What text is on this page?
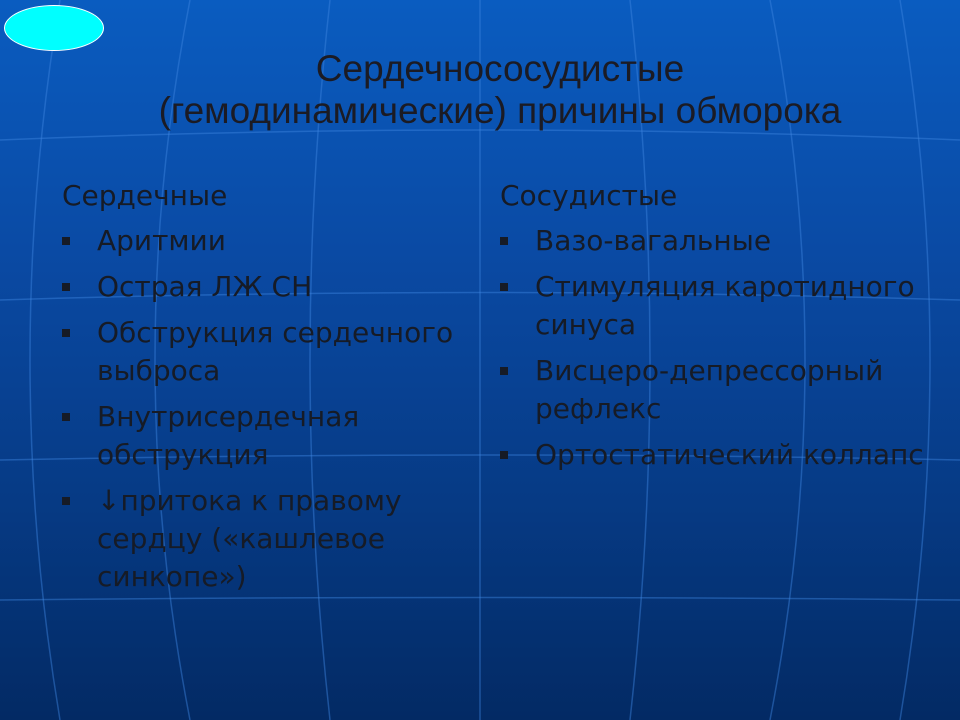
Сердечнососудистые
(гемодинамические) причины обморока
Сердечные
Аритмии
Острая ЛЖ СН
Обструкция сердечного выброса
Внутрисердечная обструкция
↓притока к правому сердцу («кашлевое синкопе»)
Сосудистые
Вазо-вагальные
Стимуляция каротидного синуса
Висцеро-депрессорный рефлекс
Ортостатический коллапс
